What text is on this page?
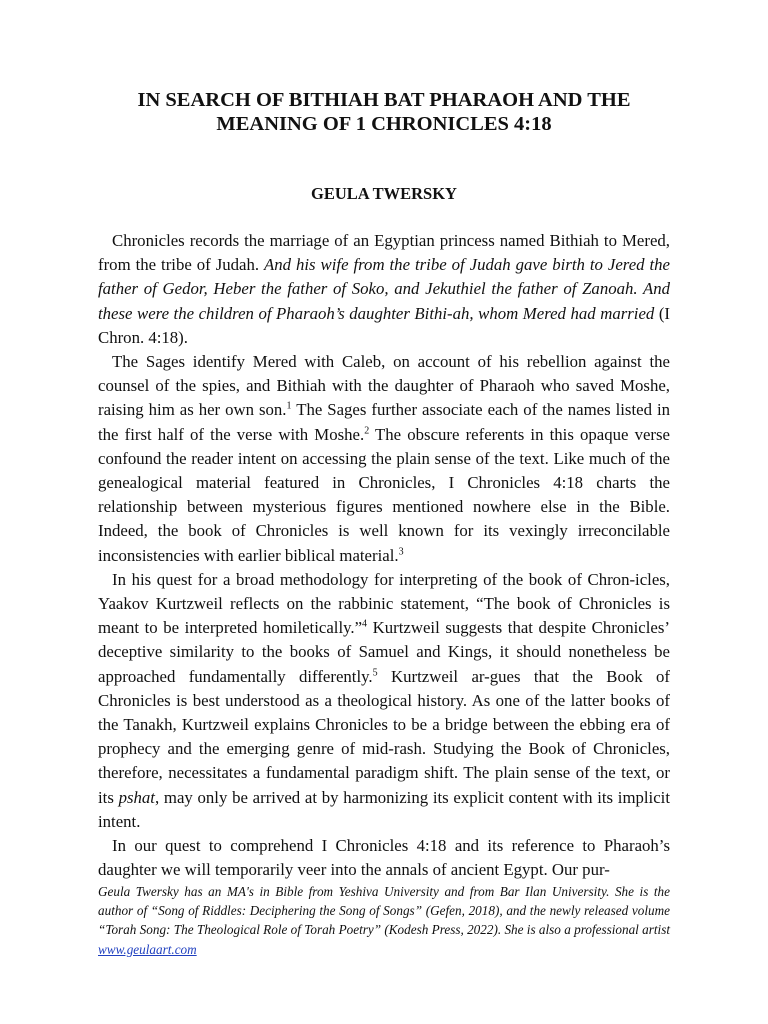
IN SEARCH OF BITHIAH BAT PHARAOH AND THE
MEANING OF 1 CHRONICLES 4:18
GEULA TWERSKY

Chronicles records the marriage of an Egyptian princess named Bithiah to Mered, from the tribe of Judah. And his wife from the tribe of Judah gave birth to Jered the father of Gedor, Heber the father of Soko, and Jekuthiel the father of Zanoah. And these were the children of Pharaoh’s daughter Bithi-ah, whom Mered had married (I Chron. 4:18).

The Sages identify Mered with Caleb, on account of his rebellion against the counsel of the spies, and Bithiah with the daughter of Pharaoh who saved Moshe, raising him as her own son.$^1$ The Sages further associate each of the names listed in the first half of the verse with Moshe.$^2$ The obscure referents in this opaque verse confound the reader intent on accessing the plain sense of the text. Like much of the genealogical material featured in Chronicles, I Chronicles 4:18 charts the relationship between mysterious figures mentioned nowhere else in the Bible. Indeed, the book of Chronicles is well known for its vexingly irreconcilable inconsistencies with earlier biblical material.$^3$

In his quest for a broad methodology for interpreting of the book of Chron-icles, Yaakov Kurtzweil reflects on the rabbinic statement, “The book of Chronicles is meant to be interpreted homiletically.”$^4$ Kurtzweil suggests that despite Chronicles’ deceptive similarity to the books of Samuel and Kings, it should nonetheless be approached fundamentally differently.$^5$ Kurtzweil ar-gues that the Book of Chronicles is best understood as a theological history. As one of the latter books of the Tanakh, Kurtzweil explains Chronicles to be a bridge between the ebbing era of prophecy and the emerging genre of mid-rash. Studying the Book of Chronicles, therefore, necessitates a fundamental paradigm shift. The plain sense of the text, or its pshat, may only be arrived at by harmonizing its explicit content with its implicit intent.

In our quest to comprehend I Chronicles 4:18 and its reference to Pharaoh’s daughter we will temporarily veer into the annals of ancient Egypt. Our pur-

Geula Twersky has an MA's in Bible from Yeshiva University and from Bar Ilan University. She is the author of “Song of Riddles: Deciphering the Song of Songs” (Gefen, 2018), and the newly released volume “Torah Song: The Theological Role of Torah Poetry” (Kodesh Press, 2022). She is also a professional artist www.geulaart.com
